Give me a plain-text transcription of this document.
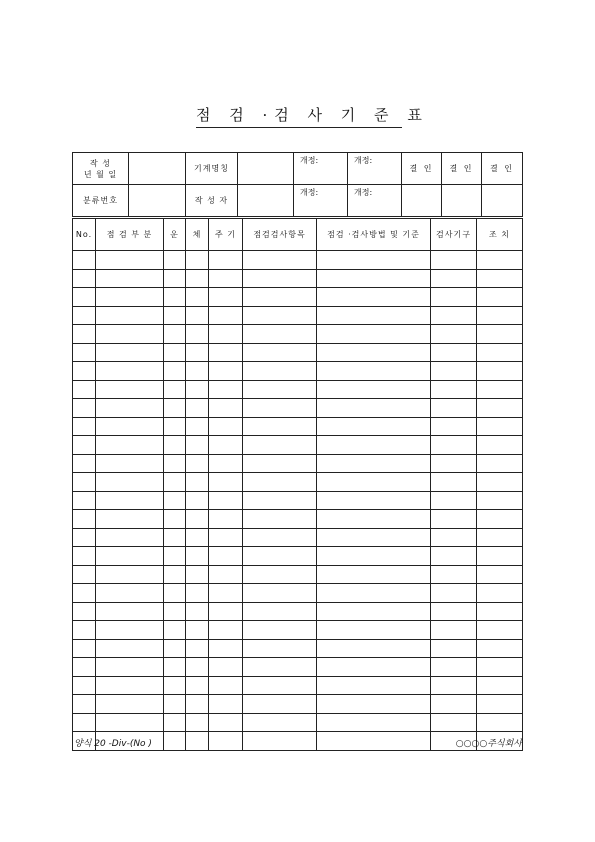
점 검 ·검 사 기 준 표
작 성
년 월 일		기계명칭		개정:	개정:	결 인	결 인	결 인
분류번호		작 성 자		개정:	개정:			
No.	점 검 부 분	운	체	주 기	점검검사항목	점검 ·검사방법 및 기준	검사기구	조 치

양식 20 -Div-(No )	○○○○주식회사
